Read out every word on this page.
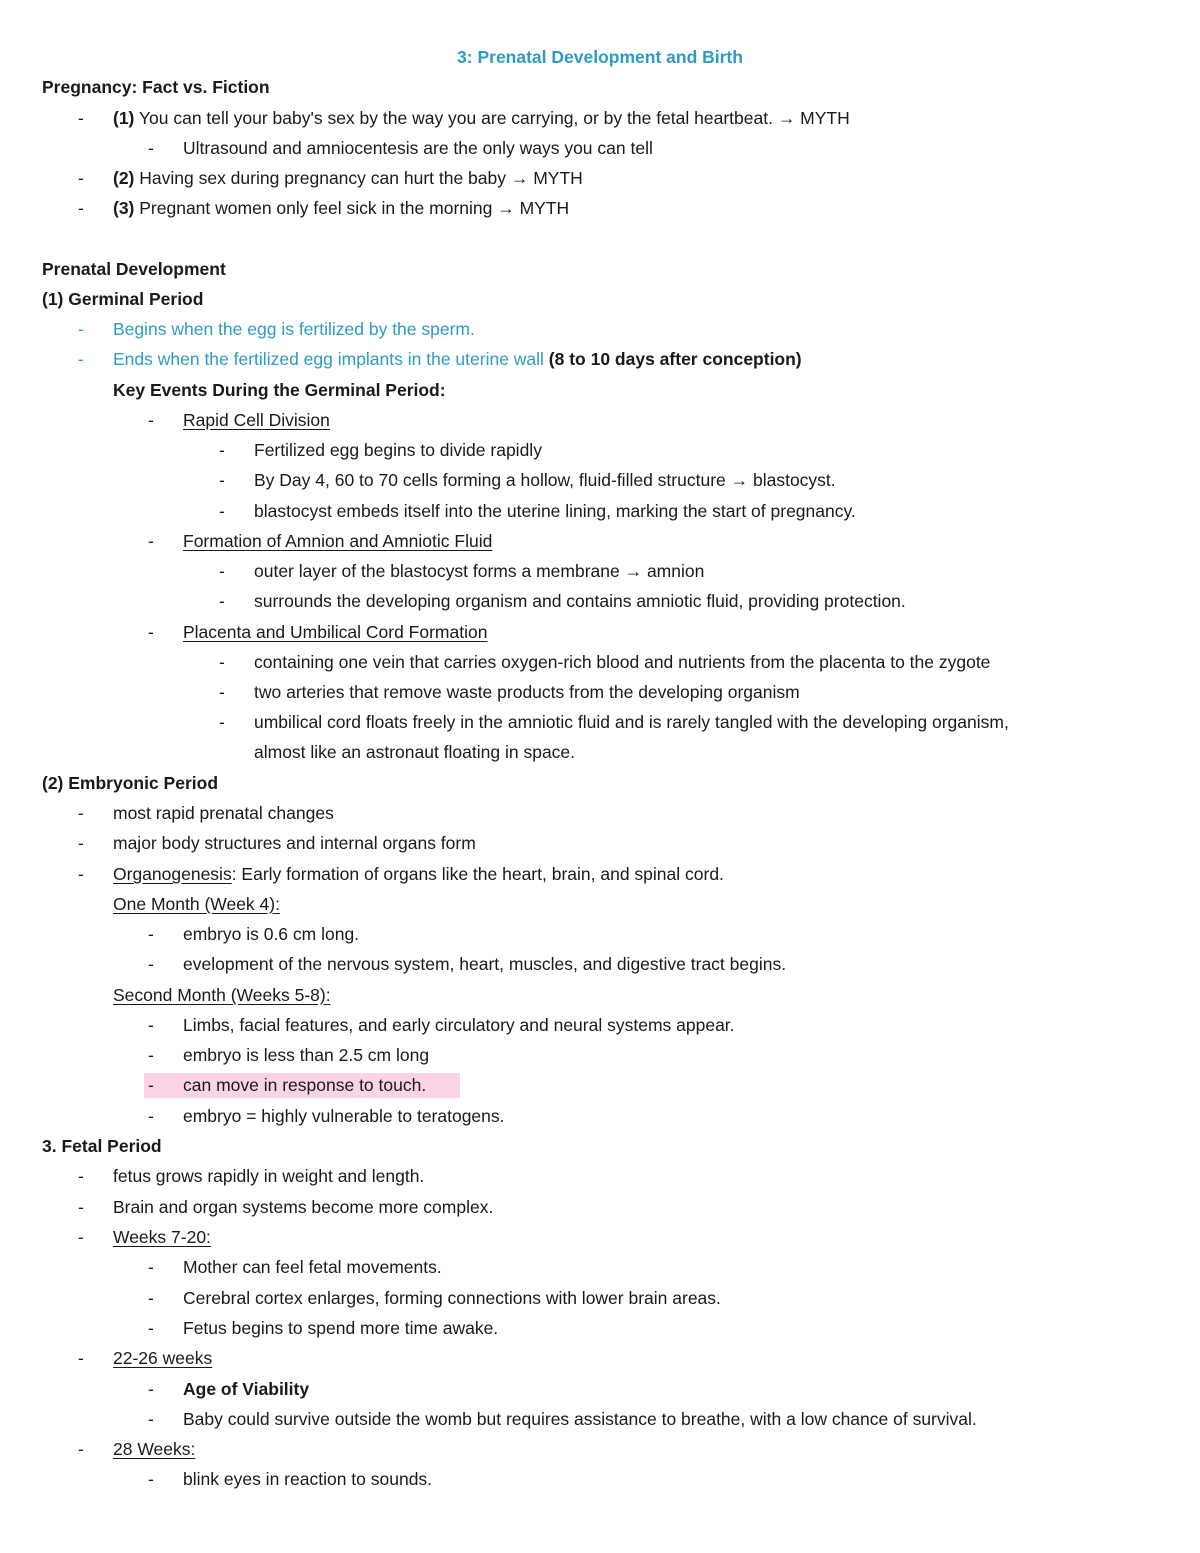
3: Prenatal Development and Birth
Pregnancy: Fact vs. Fiction
- (1) You can tell your baby's sex by the way you are carrying, or by the fetal heartbeat. → MYTH
- Ultrasound and amniocentesis are the only ways you can tell
- (2) Having sex during pregnancy can hurt the baby → MYTH
- (3) Pregnant women only feel sick in the morning → MYTH
Prenatal Development
(1) Germinal Period
- Begins when the egg is fertilized by the sperm.
- Ends when the fertilized egg implants in the uterine wall (8 to 10 days after conception)
Key Events During the Germinal Period:
- Rapid Cell Division
- Fertilized egg begins to divide rapidly
- By Day 4, 60 to 70 cells forming a hollow, fluid-filled structure → blastocyst.
- blastocyst embeds itself into the uterine lining, marking the start of pregnancy.
- Formation of Amnion and Amniotic Fluid
- outer layer of the blastocyst forms a membrane → amnion
- surrounds the developing organism and contains amniotic fluid, providing protection.
- Placenta and Umbilical Cord Formation
- containing one vein that carries oxygen-rich blood and nutrients from the placenta to the zygote
- two arteries that remove waste products from the developing organism
- umbilical cord floats freely in the amniotic fluid and is rarely tangled with the developing organism,
almost like an astronaut floating in space.
(2) Embryonic Period
- most rapid prenatal changes
- major body structures and internal organs form
- Organogenesis: Early formation of organs like the heart, brain, and spinal cord.
One Month (Week 4):
- embryo is 0.6 cm long.
- evelopment of the nervous system, heart, muscles, and digestive tract begins.
Second Month (Weeks 5-8):
- Limbs, facial features, and early circulatory and neural systems appear.
- embryo is less than 2.5 cm long
- can move in response to touch.
- embryo = highly vulnerable to teratogens.
3. Fetal Period
- fetus grows rapidly in weight and length.
- Brain and organ systems become more complex.
- Weeks 7-20:
- Mother can feel fetal movements.
- Cerebral cortex enlarges, forming connections with lower brain areas.
- Fetus begins to spend more time awake.
- 22-26 weeks
- Age of Viability
- Baby could survive outside the womb but requires assistance to breathe, with a low chance of survival.
- 28 Weeks:
- blink eyes in reaction to sounds.
